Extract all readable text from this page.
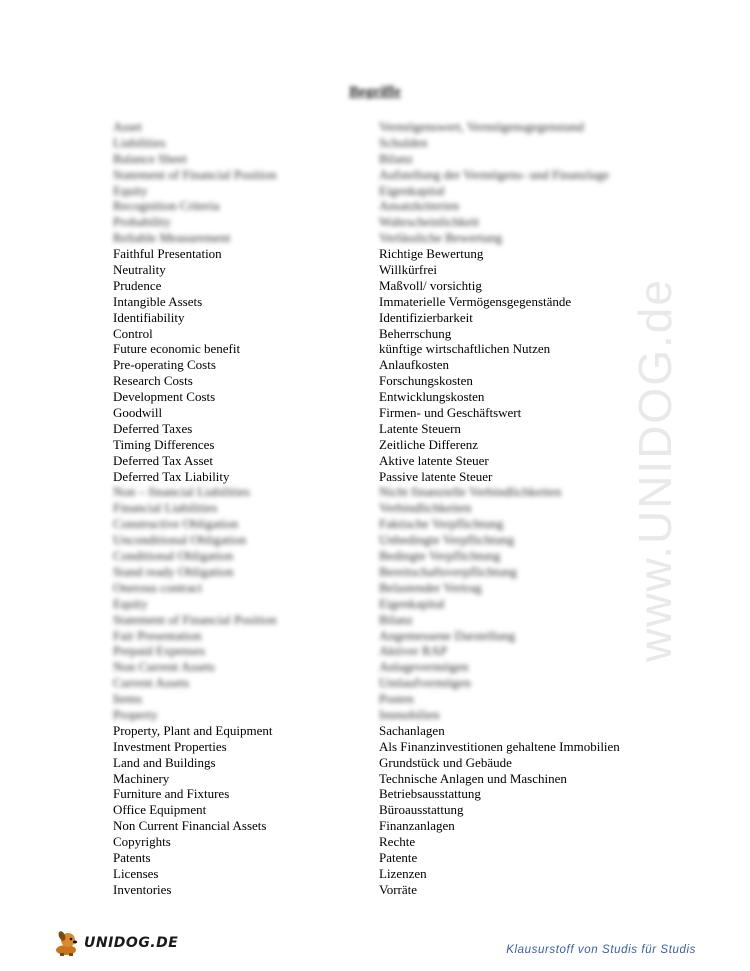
www.UNIDOG.de
Begriffe
Asset	Vermögenswert, Vermögensgegenstand
Liabilities	Schulden
Balance Sheet	Bilanz
Statement of Financial Position	Aufstellung der Vermögens- und Finanzlage
Equity	Eigenkapital
Recognition Criteria	Ansatzkriterien
Probability	Wahrscheinlichkeit
Reliable Measurement	Verlässliche Bewertung
Faithful Presentation	Richtige Bewertung
Neutrality	Willkürfrei
Prudence	Maßvoll/ vorsichtig
Intangible Assets	Immaterielle Vermögensgegenstände
Identifiability	Identifizierbarkeit
Control	Beherrschung
Future economic benefit	künftige wirtschaftlichen Nutzen
Pre-operating Costs	Anlaufkosten
Research Costs	Forschungskosten
Development Costs	Entwicklungskosten
Goodwill	Firmen- und Geschäftswert
Deferred Taxes	Latente Steuern
Timing Differences	Zeitliche Differenz
Deferred Tax Asset	Aktive latente Steuer
Deferred Tax Liability	Passive latente Steuer
Non – financial Liabilities	Nicht finanzielle Verbindlichkeiten
Financial Liabilities	Verbindlichkeiten
Constructive Obligation	Faktische Verpflichtung
Unconditional Obligation	Unbedingte Verpflichtung
Conditional Obligation	Bedingte Verpflichtung
Stand ready Obligation	Bereitschaftsverpflichtung
Onerous contract	Belastender Vertrag
Equity	Eigenkapital
Statement of Financial Position	Bilanz
Fair Presentation	Angemessene Darstellung
Prepaid Expenses	Aktiver RAP
Non Current Assets	Anlagevermögen
Current Assets	Umlaufvermögen
Items	Posten
Property	Immobilien
Property, Plant and Equipment	Sachanlagen
Investment Properties	Als Finanzinvestitionen gehaltene Immobilien
Land and Buildings	Grundstück und Gebäude
Machinery	Technische Anlagen und Maschinen
Furniture and Fixtures	Betriebsausstattung
Office Equipment	Büroausstattung
Non Current Financial Assets	Finanzanlagen
Copyrights	Rechte
Patents	Patente
Licenses	Lizenzen
Inventories	Vorräte
UNIDOG.DE	Klausurstoff von Studis für Studis
